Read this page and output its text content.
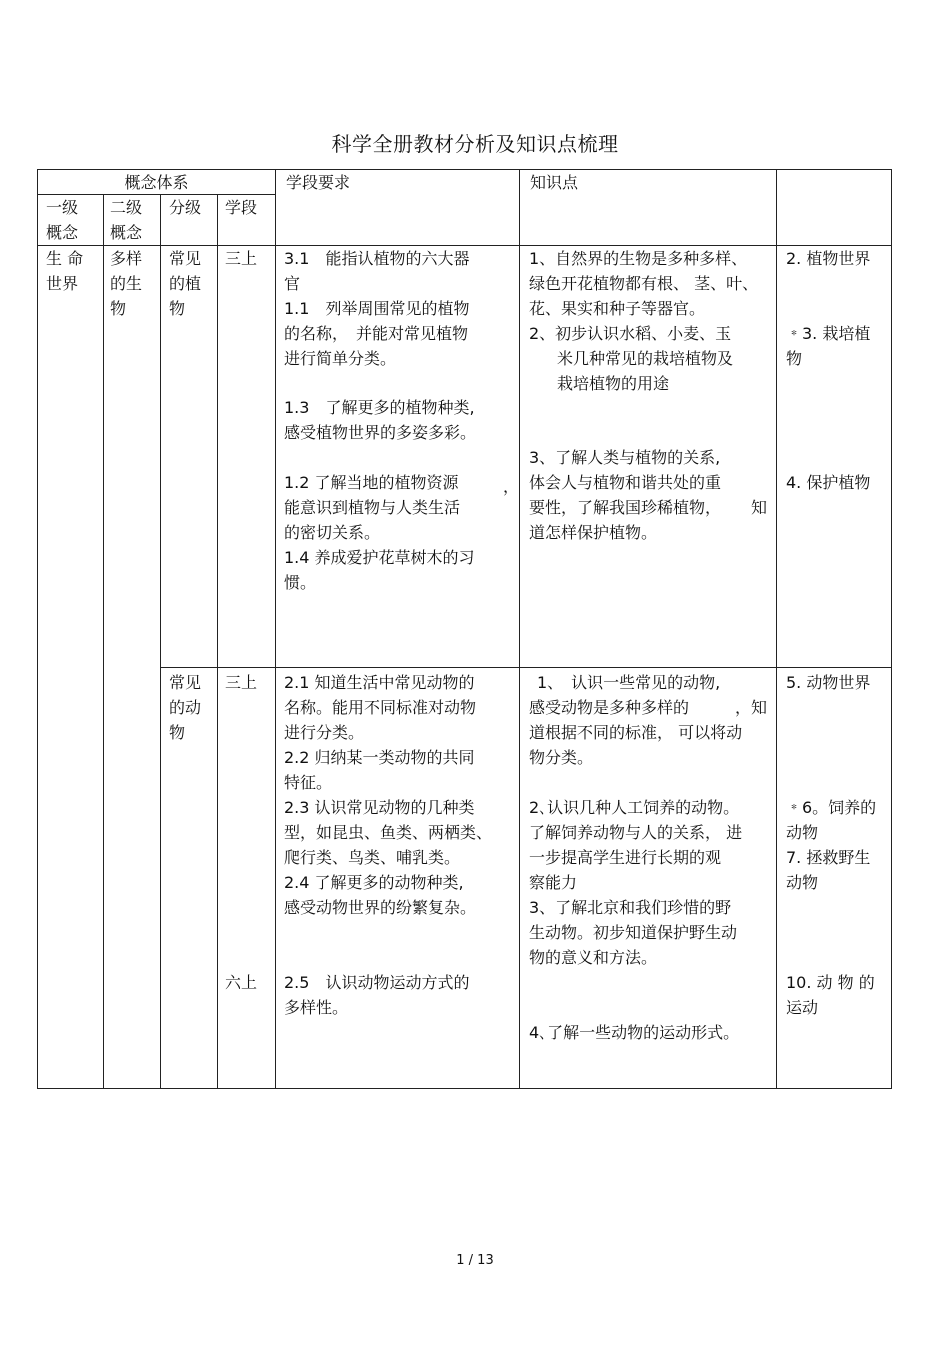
科学全册教材分析及知识点梳理
概念体系	学段要求	知识点
一级
概念
二级
概念
分级 学段
生 命
世界
多样
的生
物
常见
的植
物
三上 3.1　能指认植物的六大器
官
1.1　列举周围常见的植物
的名称，　并能对常见植物
进行简单分类。
1.3　了解更多的植物种类,
感受植物世界的多姿多彩。
1.2 了解当地的植物资源
能意识到植物与人类生活
的密切关系。
，
1.4 养成爱护花草树木的习
惯。
1、自然界的生物是多种多样、
绿色开花植物都有根、 茎、叶、
花、果实和种子等器官。
2、初步认识水稻、小麦、玉
米几种常见的栽培植物及
栽培植物的用途
3、了解人类与植物的关系,
体会人与植物和谐共处的重
要性，了解我国珍稀植物，
道怎样保护植物。
知
2. 植物世界
﹡3. 栽培植
物
4. 保护植物
常见
的动
物
三上
六上
2.1 知道生活中常见动物的
名称。能用不同标准对动物
进行分类。
2.2 归纳某一类动物的共同
特征。
2.3 认识常见动物的几种类
型，如昆虫、鱼类、两栖类、
爬行类、鸟类、哺乳类。
2.4 了解更多的动物种类,
感受动物世界的纷繁复杂。
2.5　认识动物运动方式的
多样性。
1、　认识一些常见的动物,
感受动物是多种多样的
道根据不同的标准， 可以将动
物分类。
，知
2､认识几种人工饲养的动物。
了解饲养动物与人的关系， 进
一步提高学生进行长期的观
察能力
3、了解北京和我们珍惜的野
生动物。初步知道保护野生动
物的意义和方法。
4､了解一些动物的运动形式。
5. 动物世界
﹡6。饲养的
动物
7. 拯救野生
动物
10. 动 物 的
运动
1 / 13
